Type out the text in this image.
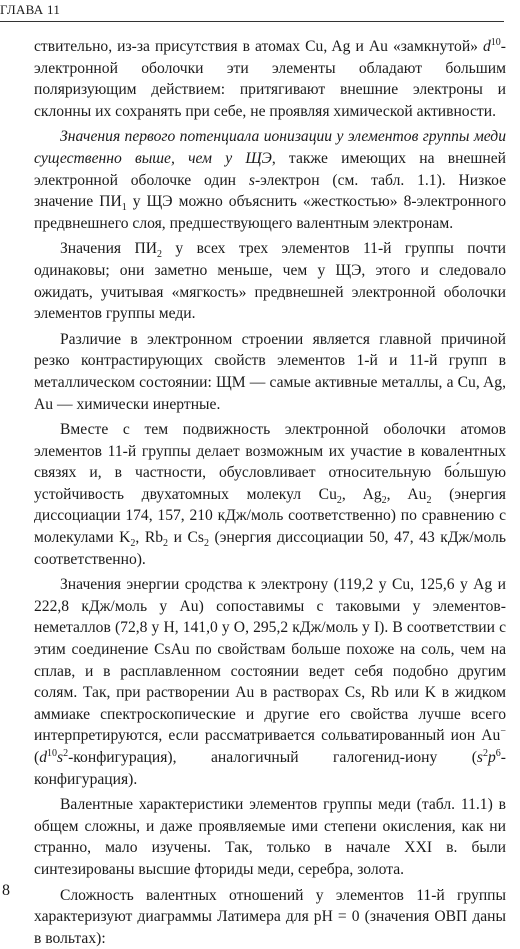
ГЛАВА 11

ствительно, из-за присутствия в атомах Cu, Ag и Au «замкнутой» $d^{10}$-электронной оболочки эти элементы обладают большим поляризующим действием: притягивают внешние электроны и склонны их сохранять при себе, не проявляя химической активности.

Значения первого потенциала ионизации у элементов группы меди существенно выше, чем у ЩЭ, также имеющих на внешней электронной оболочке один s-электрон (см. табл. 1.1). Низкое значение $ПИ_1$ у ЩЭ можно объяснить «жесткостью» 8-электронного предвнешнего слоя, предшествующего валентным электронам.

Значения $ПИ_2$ у всех трех элементов 11-й группы почти одинаковы; они заметно меньше, чем у ЩЭ, этого и следовало ожидать, учитывая «мягкость» предвнешней электронной оболочки элементов группы меди.

Различие в электронном строении является главной причиной резко контрастирующих свойств элементов 1-й и 11-й групп в металлическом состоянии: ЩМ — самые активные металлы, а Cu, Ag, Au — химически инертные.

Вместе с тем подвижность электронной оболочки атомов элементов 11-й группы делает возможным их участие в ковалентных связях и, в частности, обусловливает относительную бо́льшую устойчивость двухатомных молекул $Cu_2$, $Ag_2$, $Au_2$ (энергия диссоциации 174, 157, 210 кДж/моль соответственно) по сравнению с молекулами $K_2$, $Rb_2$ и $Cs_2$ (энергия диссоциации 50, 47, 43 кДж/моль соответственно).

Значения энергии сродства к электрону (119,2 у Cu, 125,6 у Ag и 222,8 кДж/моль у Au) сопоставимы с таковыми у элементов-неметаллов (72,8 у H, 141,0 у O, 295,2 кДж/моль у I). В соответствии с этим соединение CsAu по свойствам больше похоже на соль, чем на сплав, и в расплавленном состоянии ведет себя подобно другим солям. Так, при растворении Au в растворах Cs, Rb или K в жидком аммиаке спектроскопические и другие его свойства лучше всего интерпретируются, если рассматривается сольватированный ион Au− $(d^{10}s^2-конфигурация)$, аналогичный галогенид-иону $(s^2p^6-конфигурация)$.

Валентные характеристики элементов группы меди (табл. 11.1) в общем сложны, и даже проявляемые ими степени окисления, как ни странно, мало изучены. Так, только в начале XXI в. были синтезированы высшие фториды меди, серебра, золота.

Сложность валентных отношений у элементов 11-й группы характеризуют диаграммы Латимера для pH = 0 (значения ОВП даны в вольтах):

8
